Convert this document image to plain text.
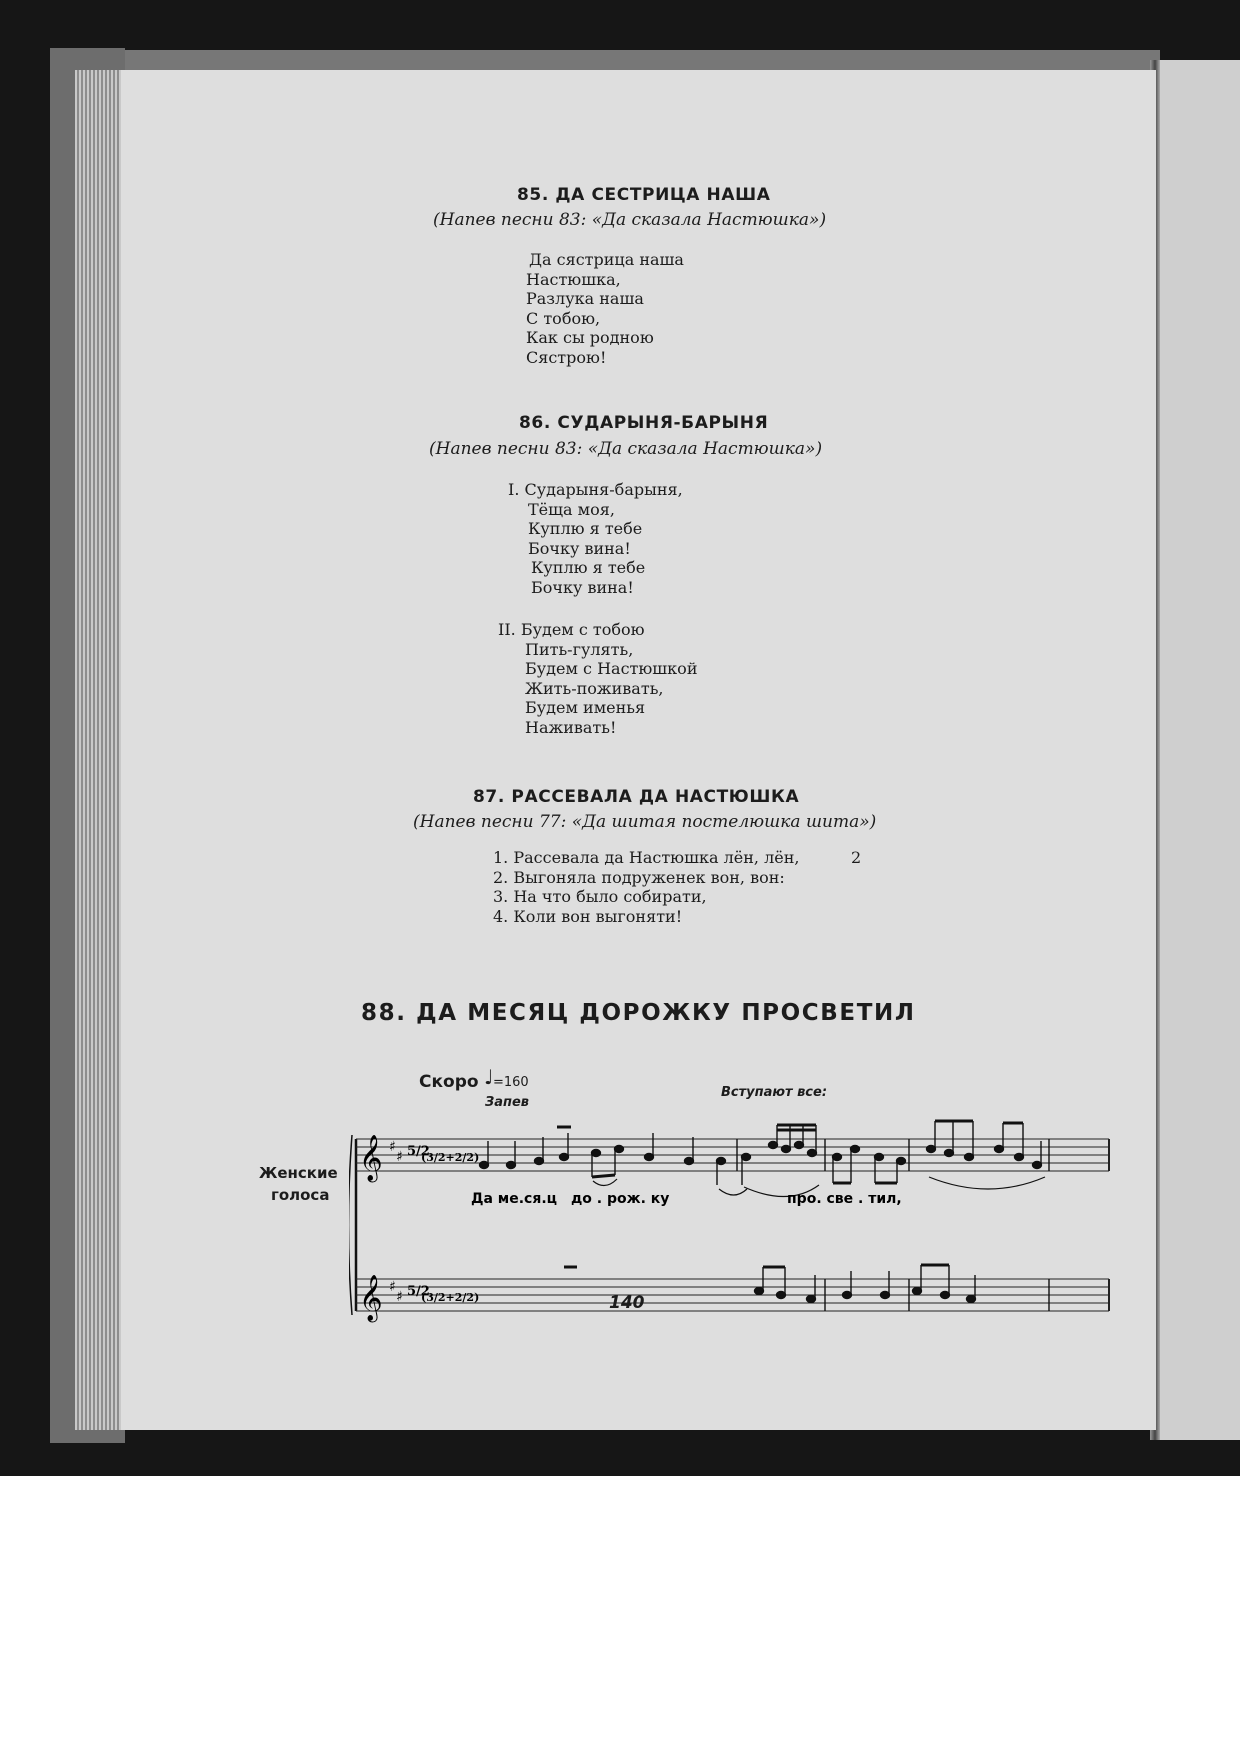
85. ДА СЕСТРИЦА НАША
(Напев песни 83: «Да сказала Настюшка»)
Да сястрица наша
Настюшка,
Разлука наша
С тобою,
Как сы родною
Сястрою!
86. СУДАРЫНЯ-БАРЫНЯ
(Напев песни 83: «Да сказала Настюшка»)
I. Сударыня-барыня,
Тёща моя,
Куплю я тебе
Бочку вина!
Куплю я тебе
Бочку вина!
II. Будем с тобою
Пить-гулять,
Будем с Настюшкой
Жить-поживать,
Будем именья
Наживать!
87. РАССЕВАЛА ДА НАСТЮШКА
(Напев песни 77: «Да шитая постелюшка шита»)
1. Рассевала да Настюшка лён, лён,
2. Выгоняла подруженек вон, вон:
3. На что было собирати,
4. Коли вон выгоняти!
2
88. ДА МЕСЯЦ ДОРОЖКУ ПРОСВЕТИЛ
Скоро ♩ =160
Запев
Вступают все:
Женские
голоса
𝄞
𝄞
♯
♯
♯
♯
5/2
(3/2+2/2)
5/2
(3/2+2/2)
Да ме.ся.ц до . рож. ку	про. све . тил,
140
